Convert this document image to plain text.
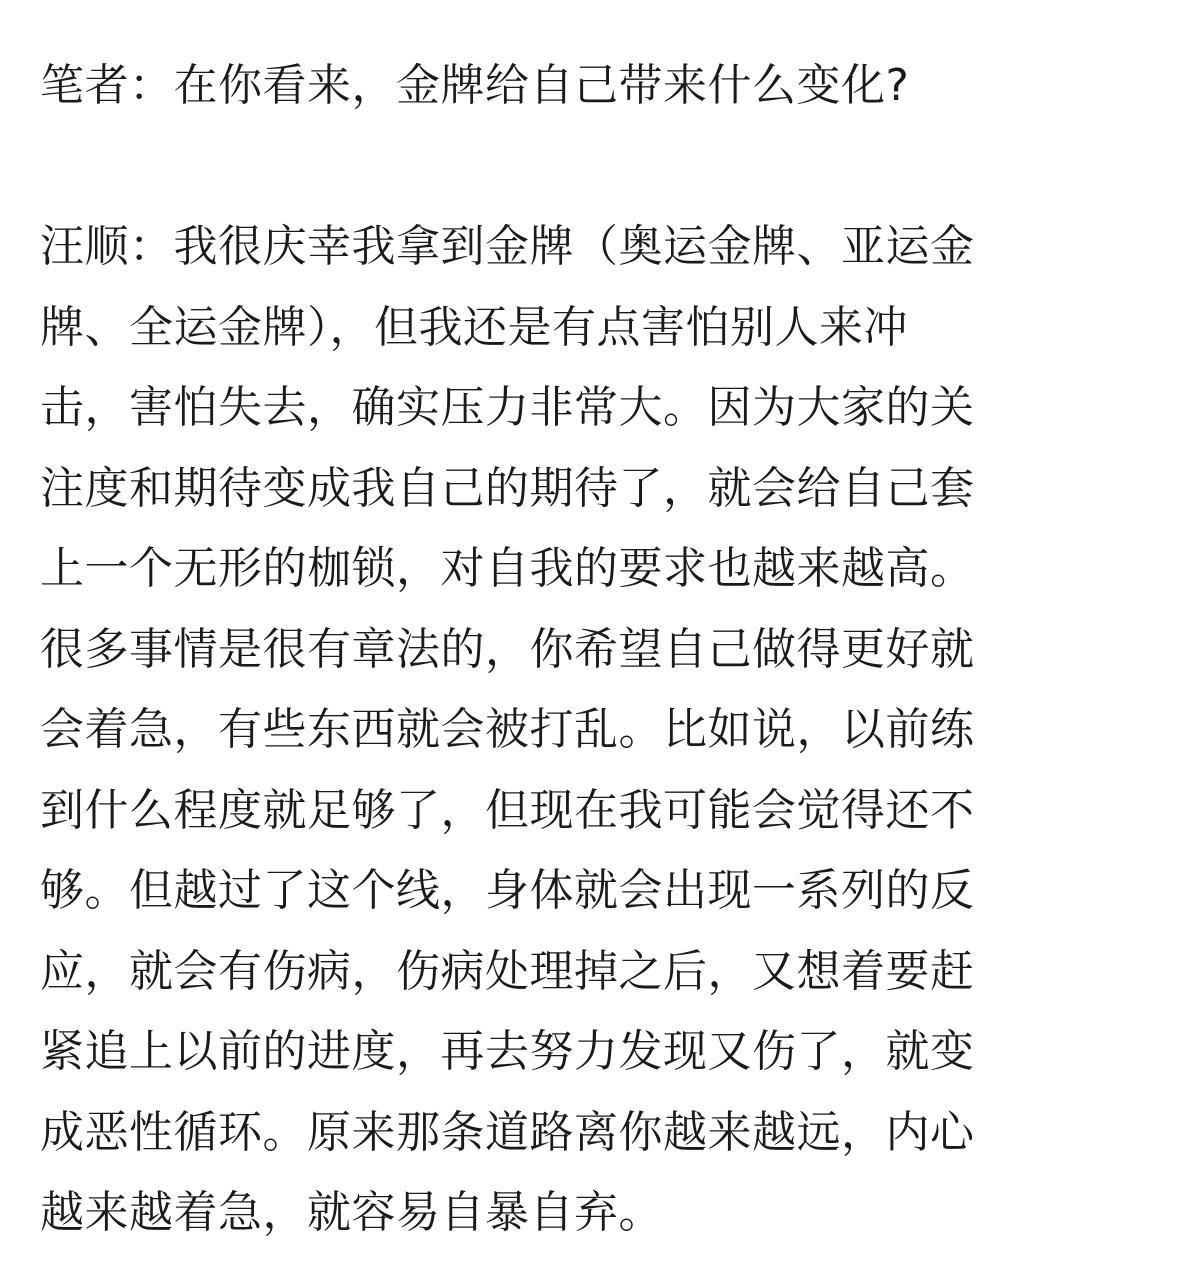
笔者：在你看来，金牌给自己带来什么变化?
汪顺：我很庆幸我拿到金牌（奥运金牌、亚运金
牌、全运金牌），但我还是有点害怕别人来冲
击，害怕失去，确实压力非常大。因为大家的关
注度和期待变成我自己的期待了，就会给自己套
上一个无形的枷锁，对自我的要求也越来越高。
很多事情是很有章法的，你希望自己做得更好就
会着急，有些东西就会被打乱。比如说，以前练
到什么程度就足够了，但现在我可能会觉得还不
够。但越过了这个线，身体就会出现一系列的反
应，就会有伤病，伤病处理掉之后，又想着要赶
紧追上以前的进度，再去努力发现又伤了，就变
成恶性循环。原来那条道路离你越来越远，内心
越来越着急，就容易自暴自弃。
